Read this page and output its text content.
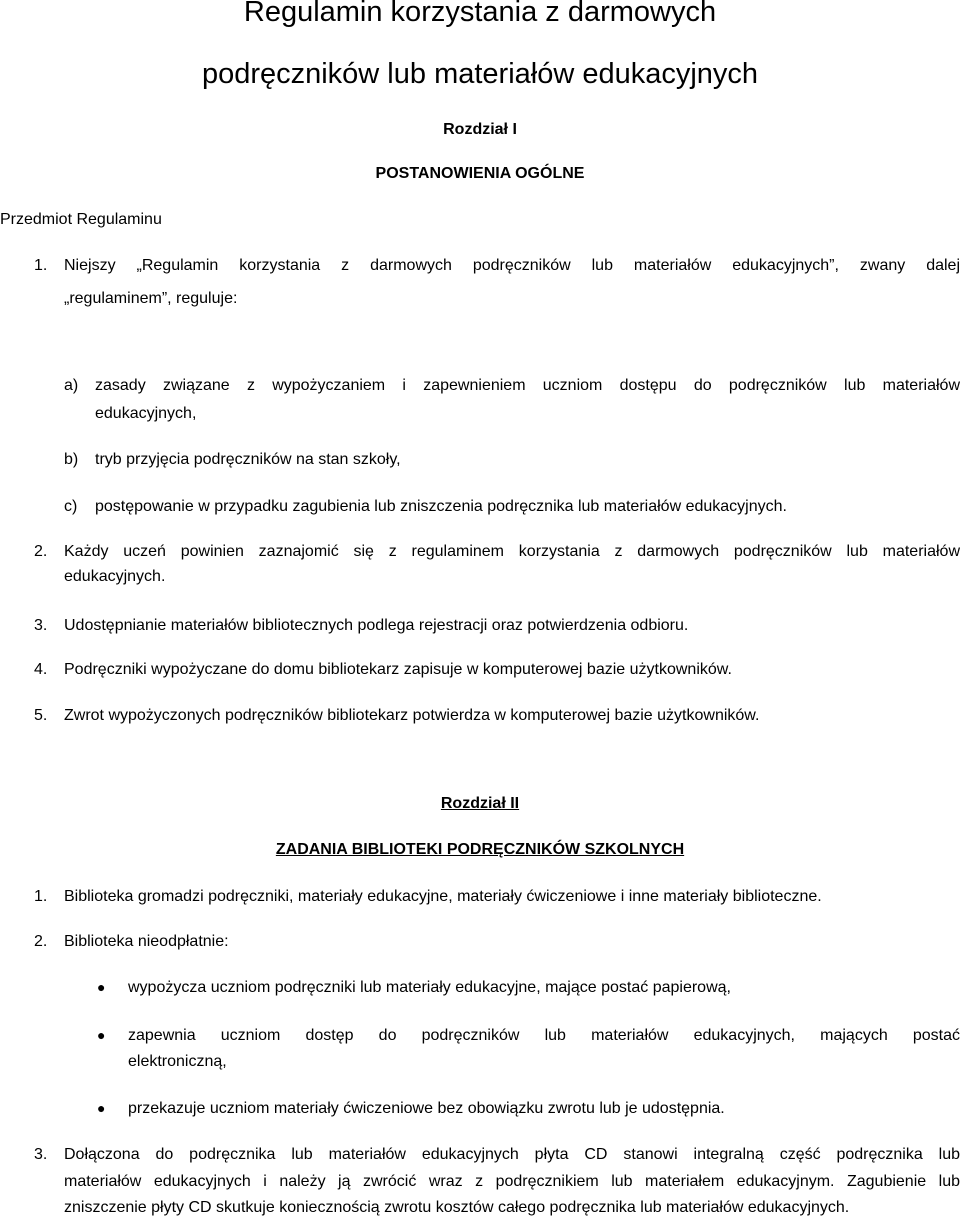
Regulamin korzystania z darmowych
podręczników lub materiałów edukacyjnych
Rozdział I
POSTANOWIENIA OGÓLNE
Przedmiot Regulaminu
1. Niejszy „Regulamin korzystania z darmowych podręczników lub materiałów edukacyjnych”, zwany dalej
„regulaminem”, reguluje:
a) zasady związane z wypożyczaniem i zapewnieniem uczniom dostępu do podręczników lub materiałów
edukacyjnych,
b) tryb przyjęcia podręczników na stan szkoły,
c) postępowanie w przypadku zagubienia lub zniszczenia podręcznika lub materiałów edukacyjnych.
2. Każdy uczeń powinien zaznajomić się z regulaminem korzystania z darmowych podręczników lub materiałów
edukacyjnych.
3. Udostępnianie materiałów bibliotecznych podlega rejestracji oraz potwierdzenia odbioru.
4. Podręczniki wypożyczane do domu bibliotekarz zapisuje w komputerowej bazie użytkowników.
5. Zwrot wypożyczonych podręczników bibliotekarz potwierdza w komputerowej bazie użytkowników.
Rozdział II
ZADANIA BIBLIOTEKI PODRĘCZNIKÓW SZKOLNYCH
1. Biblioteka gromadzi podręczniki, materiały edukacyjne, materiały ćwiczeniowe i inne materiały biblioteczne.
2. Biblioteka nieodpłatnie:
● wypożycza uczniom podręczniki lub materiały edukacyjne, mające postać papierową,
● zapewnia uczniom dostęp do podręczników lub materiałów edukacyjnych, mających postać
elektroniczną,
● przekazuje uczniom materiały ćwiczeniowe bez obowiązku zwrotu lub je udostępnia.
3. Dołączona do podręcznika lub materiałów edukacyjnych płyta CD stanowi integralną część podręcznika lub
materiałów edukacyjnych i należy ją zwrócić wraz z podręcznikiem lub materiałem edukacyjnym. Zagubienie lub
zniszczenie płyty CD skutkuje koniecznością zwrotu kosztów całego podręcznika lub materiałów edukacyjnych.
